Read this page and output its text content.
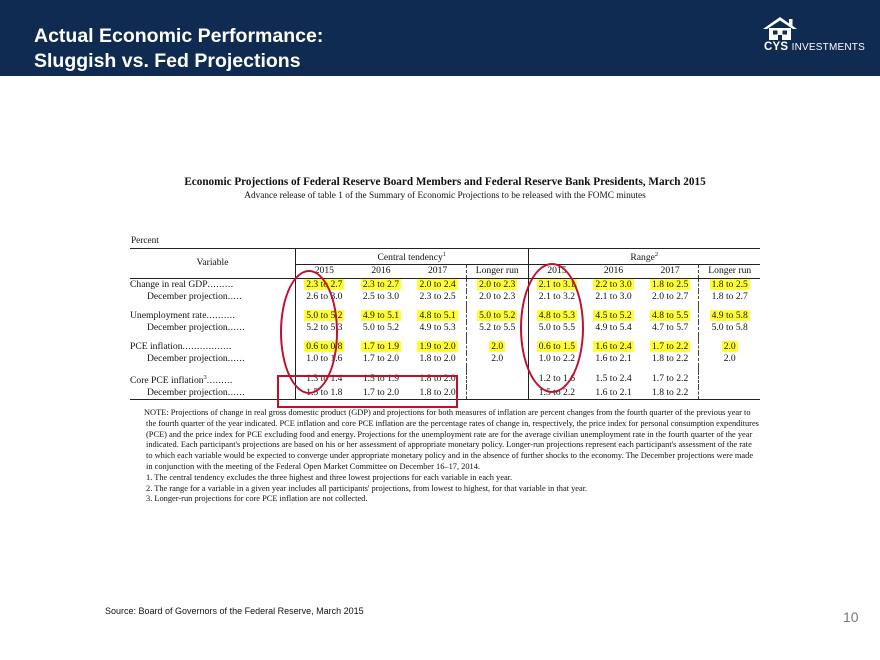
Actual Economic Performance:
Sluggish vs. Fed Projections
CYS INVESTMENTS
Economic Projections of Federal Reserve Board Members and Federal Reserve Bank Presidents, March 2015
Advance release of table 1 of the Summary of Economic Projections to be released with the FOMC minutes
Percent
Variable	Central tendency$^1$				Range$^2$
	2015	2016	2017	Longer run	2015	2016	2017	Longer run
Change in real GDP.........	2.3 to 2.7	2.3 to 2.7	2.0 to 2.4	2.0 to 2.3	2.1 to 3.1	2.2 to 3.0	1.8 to 2.5	1.8 to 2.5
December projection.....	2.6 to 3.0	2.5 to 3.0	2.3 to 2.5	2.0 to 2.3	2.1 to 3.2	2.1 to 3.0	2.0 to 2.7	1.8 to 2.7

Unemployment rate..........	5.0 to 5.2	4.9 to 5.1	4.8 to 5.1	5.0 to 5.2	4.8 to 5.3	4.5 to 5.2	4.8 to 5.5	4.9 to 5.8
December projection......	5.2 to 5.3	5.0 to 5.2	4.9 to 5.3	5.2 to 5.5	5.0 to 5.5	4.9 to 5.4	4.7 to 5.7	5.0 to 5.8

PCE inflation.................	0.6 to 0.8	1.7 to 1.9	1.9 to 2.0	2.0	0.6 to 1.5	1.6 to 2.4	1.7 to 2.2	2.0
December projection......	1.0 to 1.6	1.7 to 2.0	1.8 to 2.0	2.0	1.0 to 2.2	1.6 to 2.1	1.8 to 2.2	2.0

Core PCE inflation$^3$.........	1.3 to 1.4	1.5 to 1.9	1.8 to 2.0		1.2 to 1.6	1.5 to 2.4	1.7 to 2.2	
December projection......	1.5 to 1.8	1.7 to 2.0	1.8 to 2.0		1.5 to 2.2	1.6 to 2.1	1.8 to 2.2	

NOTE: Projections of change in real gross domestic product (GDP) and projections for both measures of inflation are percent changes from the fourth quarter of the previous year to the fourth quarter of the year indicated. PCE inflation and core PCE inflation are the percentage rates of change in, respectively, the price index for personal consumption expenditures (PCE) and the price index for PCE excluding food and energy. Projections for the unemployment rate are for the average civilian unemployment rate in the fourth quarter of the year indicated. Each participant's projections are based on his or her assessment of appropriate monetary policy. Longer-run projections represent each participant's assessment of the rate to which each variable would be expected to converge under appropriate monetary policy and in the absence of further shocks to the economy. The December projections were made in conjunction with the meeting of the Federal Open Market Committee on December 16–17, 2014.

1. The central tendency excludes the three highest and three lowest projections for each variable in each year.

2. The range for a variable in a given year includes all participants' projections, from lowest to highest, for that variable in that year.

3. Longer-run projections for core PCE inflation are not collected.

Source: Board of Governors of the Federal Reserve, March 2015	10
